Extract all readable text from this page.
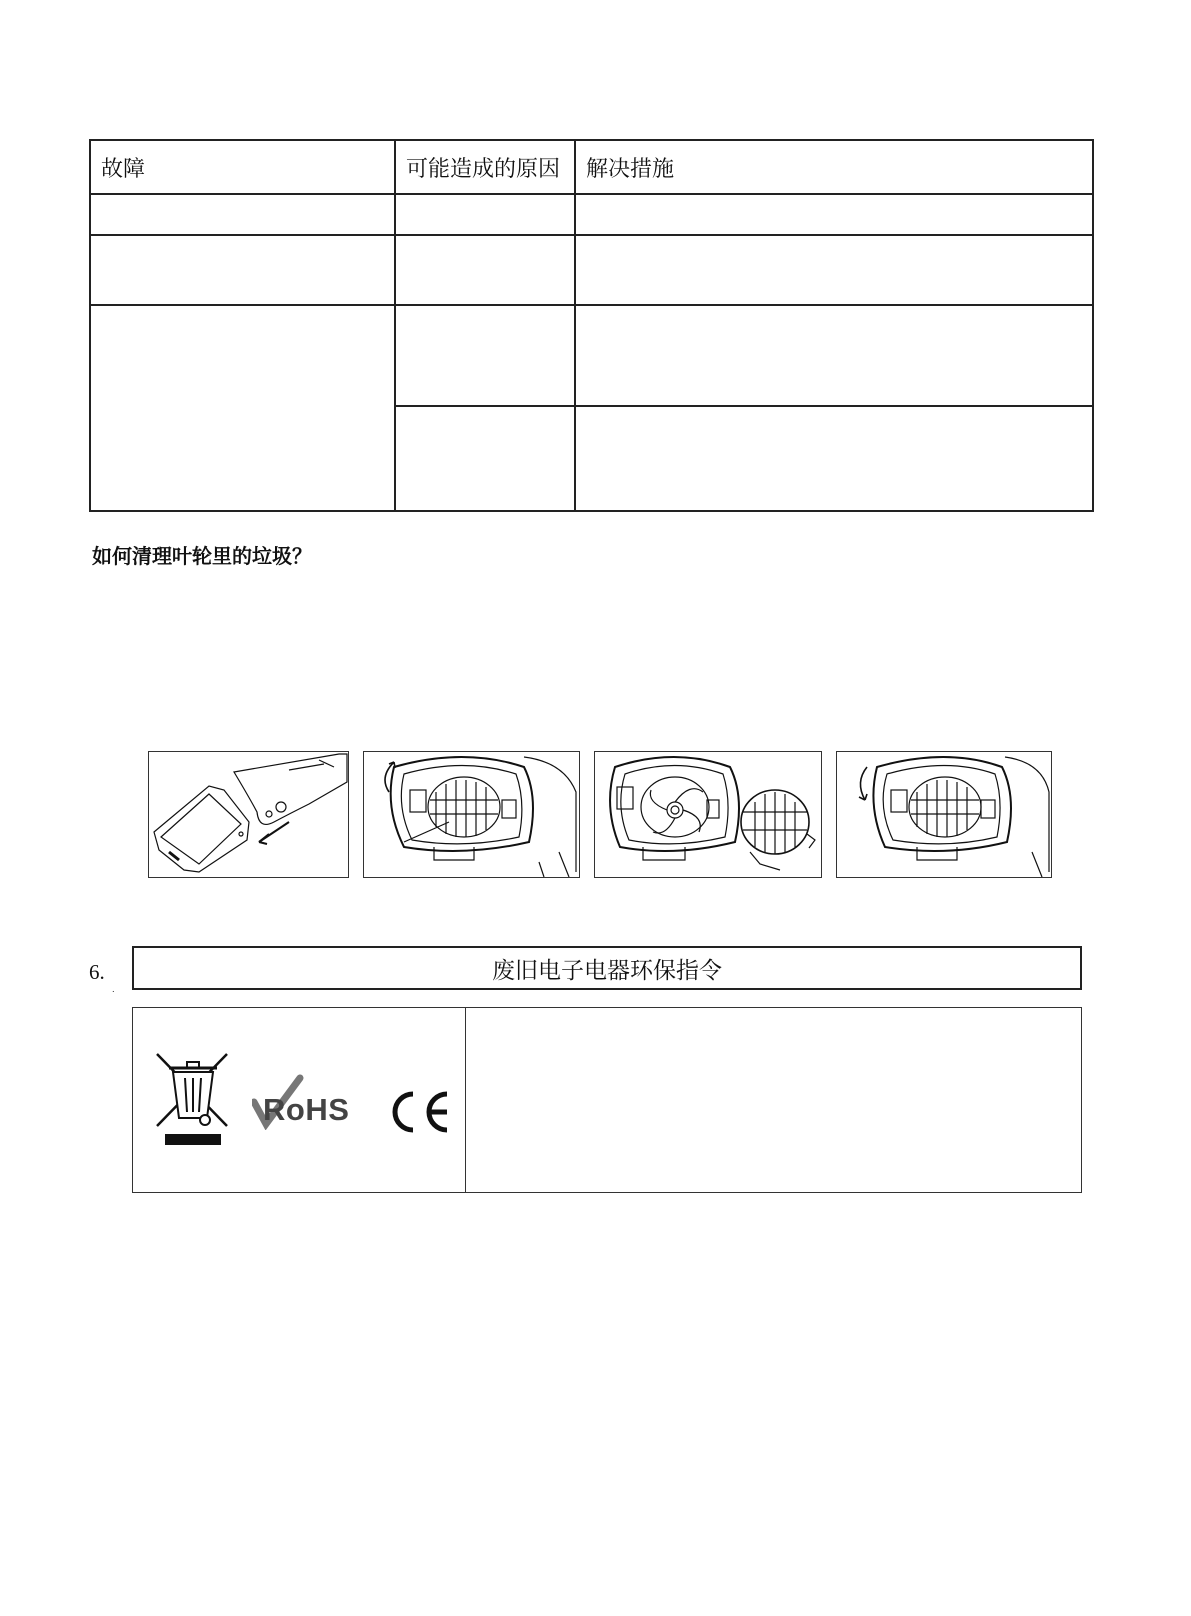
故障	可能造成的原因	解决措施

如何清理叶轮里的垃圾？
6.
.
废旧电子电器环保指令
RoHS
